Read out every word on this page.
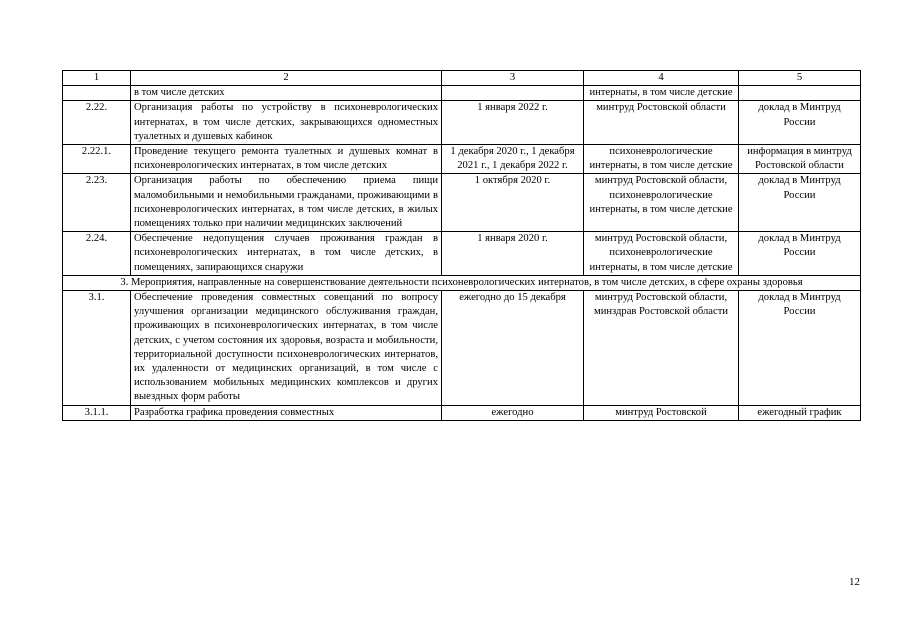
1	2	3	4	5
	в том числе детских		интернаты, в том числе детские	
2.22.	Организация работы по устройству в психоневрологических интернатах, в том числе детских, закрывающихся одноместных туалетных и душевых кабинок	1 января 2022 г.	минтруд Ростовской области	доклад в Минтруд России
2.22.1.	Проведение текущего ремонта туалетных и душевых комнат в психоневрологических интернатах, в том числе детских	1 декабря 2020 г., 1 декабря 2021 г., 1 декабря 2022 г.	психоневрологические интернаты, в том числе детские	информация в минтруд Ростовской области
2.23.	Организация работы по обеспечению приема пищи маломобильными и немобильными гражданами, проживающими в психоневрологических интернатах, в том числе детских, в жилых помещениях только при наличии медицинских заключений	1 октября 2020 г.	минтруд Ростовской области, психоневрологические интернаты, в том числе детские	доклад в Минтруд России
2.24.	Обеспечение недопущения случаев проживания граждан в психоневрологических интернатах, в том числе детских, в помещениях, запирающихся снаружи	1 января 2020 г.	минтруд Ростовской области, психоневрологические интернаты, в том числе детские	доклад в Минтруд России
3. Мероприятия, направленные на совершенствование деятельности психоневрологических интернатов, в том числе детских, в сфере охраны здоровья				
3.1.	Обеспечение проведения совместных совещаний по вопросу улучшения организации медицинского обслуживания граждан, проживающих в психоневрологических интернатах, в том числе детских, с учетом состояния их здоровья, возраста и мобильности, территориальной доступности психоневрологических интернатов, их удаленности от медицинских организаций, в том числе с использованием мобильных медицинских комплексов и других выездных форм работы	ежегодно до 15 декабря	минтруд Ростовской области, минздрав Ростовской области	доклад в Минтруд России
3.1.1.	Разработка графика проведения совместных	ежегодно	минтруд Ростовской	ежегодный график
12
